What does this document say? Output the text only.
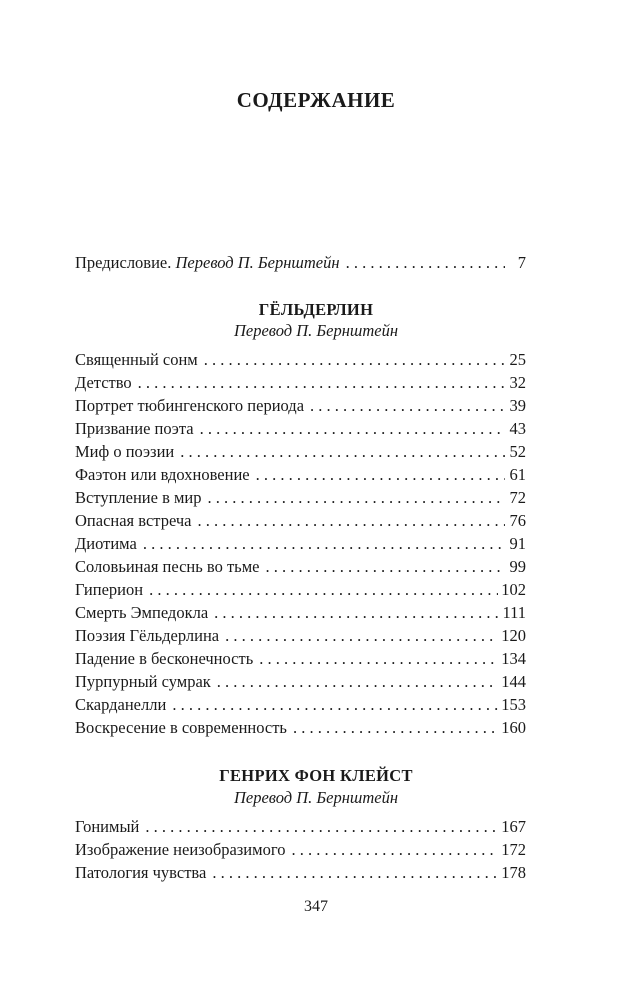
СОДЕРЖАНИЕ
Предисловие. Перевод П. Бернштейн . . .	7
ГЁЛЬДЕРЛИН
Перевод П. Бернштейн
Священный сонм . . .	25
Детство . . .	32
Портрет тюбингенского периода . . .	39
Призвание поэта . . .	43
Миф о поэзии . . .	52
Фаэтон или вдохновение . . .	61
Вступление в мир . . .	72
Опасная встреча . . .	76
Диотима . . .	91
Соловьиная песнь во тьме . . .	99
Гиперион . . .	102
Смерть Эмпедокла . . .	111
Поэзия Гёльдерлина . . .	120
Падение в бесконечность . . .	134
Пурпурный сумрак . . .	144
Скарданелли . . .	153
Воскресение в современность . . .	160
ГЕНРИХ ФОН КЛЕЙСТ
Перевод П. Бернштейн
Гонимый . . .	167
Изображение неизобразимого . . .	172
Патология чувства . . .	178
347
